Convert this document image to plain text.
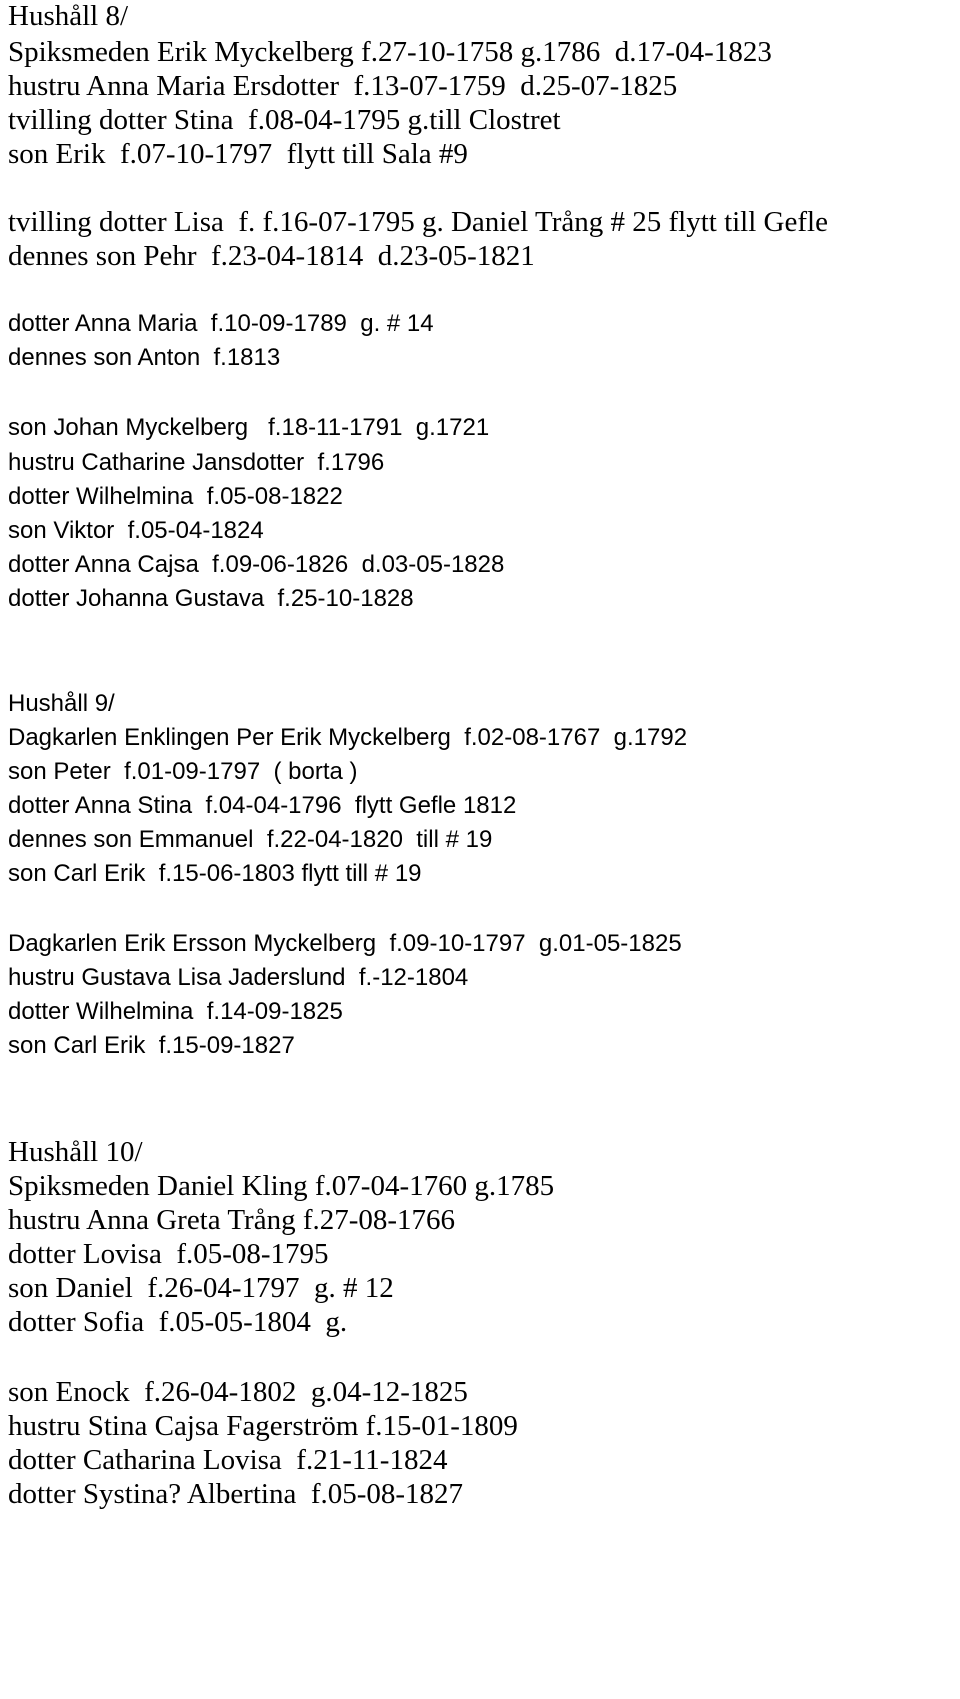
Hushåll 8/
Spiksmeden Erik Myckelberg f.27-10-1758 g.1786  d.17-04-1823
hustru Anna Maria Ersdotter  f.13-07-1759  d.25-07-1825
tvilling dotter Stina  f.08-04-1795 g.till Clostret
son Erik  f.07-10-1797  flytt till Sala #9
tvilling dotter Lisa  f. f.16-07-1795 g. Daniel Trång # 25 flytt till Gefle
dennes son Pehr  f.23-04-1814  d.23-05-1821
dotter Anna Maria  f.10-09-1789  g. # 14
dennes son Anton  f.1813
son Johan Myckelberg   f.18-11-1791  g.1721
hustru Catharine Jansdotter  f.1796
dotter Wilhelmina  f.05-08-1822
son Viktor  f.05-04-1824
dotter Anna Cajsa  f.09-06-1826  d.03-05-1828
dotter Johanna Gustava  f.25-10-1828
Hushåll 9/
Dagkarlen Enklingen Per Erik Myckelberg  f.02-08-1767  g.1792
son Peter  f.01-09-1797  ( borta )
dotter Anna Stina  f.04-04-1796  flytt Gefle 1812
dennes son Emmanuel  f.22-04-1820  till # 19
son Carl Erik  f.15-06-1803 flytt till # 19
Dagkarlen Erik Ersson Myckelberg  f.09-10-1797  g.01-05-1825
hustru Gustava Lisa Jaderslund  f.-12-1804
dotter Wilhelmina  f.14-09-1825
son Carl Erik  f.15-09-1827
Hushåll 10/
Spiksmeden Daniel Kling f.07-04-1760 g.1785
hustru Anna Greta Trång f.27-08-1766
dotter Lovisa  f.05-08-1795
son Daniel  f.26-04-1797  g. # 12
dotter Sofia  f.05-05-1804  g.
son Enock  f.26-04-1802  g.04-12-1825
hustru Stina Cajsa Fagerström f.15-01-1809
dotter Catharina Lovisa  f.21-11-1824
dotter Systina? Albertina  f.05-08-1827
